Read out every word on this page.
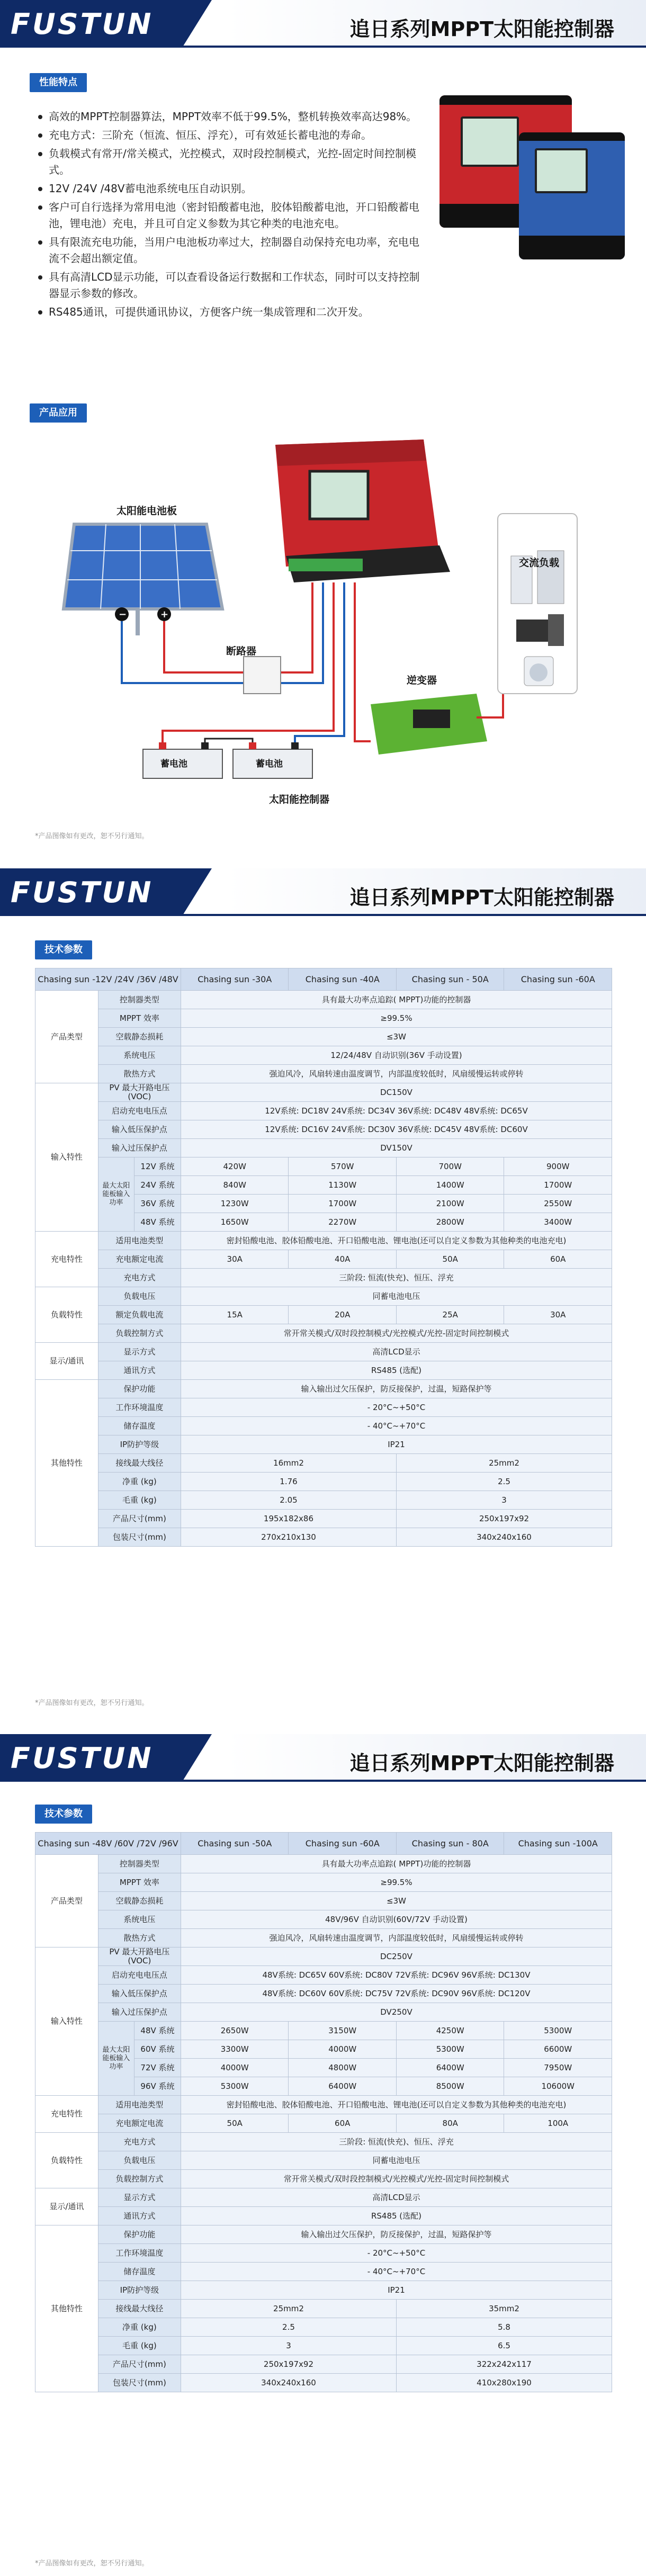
FUSTUN	追日系列MPPT太阳能控制器
性能特点
高效的MPPT控制器算法，MPPT效率不低于99.5%，整机转换效率高达98%。
充电方式：三阶充（恒流、恒压、浮充），可有效延长蓄电池的寿命。
负载模式有常开/常关模式，光控模式，双时段控制模式，光控-固定时间控制模式。
12V /24V /48V蓄电池系统电压自动识别。
客户可自行选择为常用电池（密封铅酸蓄电池，胶体铅酸蓄电池，开口铅酸蓄电池，锂电池）充电，并且可自定义参数为其它种类的电池充电。
具有限流充电功能，当用户电池板功率过大，控制器自动保持充电功率，充电电流不会超出额定值。
具有高清LCD显示功能，可以查看设备运行数据和工作状态，同时可以支持控制器显示参数的修改。
RS485通讯，可提供通讯协议，方便客户统一集成管理和二次开发。
产品应用
−	+
太阳能电池板
断路器
逆变器
交流负载
蓄电池	蓄电池
太阳能控制器
*产品图像如有更改，恕不另行通知。
FUSTUN	追日系列MPPT太阳能控制器
技术参数
Chasing sun -12V /24V /36V /48V			Chasing sun -30A	Chasing sun -40A	Chasing sun - 50A	Chasing sun -60A
产品类型	控制器类型		具有最大功率点追踪( MPPT)功能的控制器			
	MPPT 效率		≥99.5%			
	空载静态损耗		≤3W			
	系统电压		12/24/48V 自动识别(36V 手动设置)			
	散热方式		强迫风冷，风扇转速由温度调节，内部温度较低时，风扇缓慢运转或停转			
输入特性	PV 最大开路电压 (VOC)		DC150V			
	启动充电电压点		12V系统: DC18V 24V系统: DC34V 36V系统: DC48V 48V系统: DC65V			
	输入低压保护点		12V系统: DC16V 24V系统: DC30V 36V系统: DC45V 48V系统: DC60V			
	输入过压保护点		DV150V			
	最大太阳能板输入功率	12V 系统	420W	570W	700W	900W
		24V 系统	840W	1130W	1400W	1700W
		36V 系统	1230W	1700W	2100W	2550W
		48V 系统	1650W	2270W	2800W	3400W
充电特性	适用电池类型		密封铅酸电池、胶体铅酸电池、开口铅酸电池、锂电池(还可以自定义参数为其他种类的电池充电)			
	充电额定电流		30A	40A	50A	60A
	充电方式		三阶段: 恒流(快充)、恒压、浮充			
负载特性	负载电压		同蓄电池电压			
	额定负载电流		15A	20A	25A	30A
	负载控制方式		常开常关模式/双时段控制模式/光控模式/光控-固定时间控制模式			
显示/通讯	显示方式		高清LCD显示			
	通讯方式		RS485 (选配)			
其他特性	保护功能		输入输出过欠压保护，防反接保护，过温，短路保护等			
	工作环境温度		- 20°C~+50°C			
	储存温度		- 40°C~+70°C			
	IP防护等级		IP21			
	接线最大线径		16mm2		25mm2	
	净重 (kg)		1.76		2.5	
	毛重 (kg)		2.05		3	
	产品尺寸(mm)		195x182x86		250x197x92	
	包装尺寸(mm)		270x210x130		340x240x160	
*产品图像如有更改，恕不另行通知。
FUSTUN	追日系列MPPT太阳能控制器
技术参数
Chasing sun -48V /60V /72V /96V			Chasing sun -50A	Chasing sun -60A	Chasing sun - 80A	Chasing sun -100A
产品类型	控制器类型		具有最大功率点追踪( MPPT)功能的控制器			
	MPPT 效率		≥99.5%			
	空载静态损耗		≤3W			
	系统电压		48V/96V 自动识别(60V/72V 手动设置)			
	散热方式		强迫风冷，风扇转速由温度调节，内部温度较低时，风扇缓慢运转或停转			
输入特性	PV 最大开路电压 (VOC)		DC250V			
	启动充电电压点		48V系统: DC65V 60V系统: DC80V 72V系统: DC96V 96V系统: DC130V			
	输入低压保护点		48V系统: DC60V 60V系统: DC75V 72V系统: DC90V 96V系统: DC120V			
	输入过压保护点		DV250V			
	最大太阳能板输入功率	48V 系统	2650W	3150W	4250W	5300W
		60V 系统	3300W	4000W	5300W	6600W
		72V 系统	4000W	4800W	6400W	7950W
		96V 系统	5300W	6400W	8500W	10600W
充电特性	适用电池类型		密封铅酸电池、胶体铅酸电池、开口铅酸电池、锂电池(还可以自定义参数为其他种类的电池充电)			
	充电额定电流		50A	60A	80A	100A
负载特性	充电方式		三阶段: 恒流(快充)、恒压、浮充			
	负载电压		同蓄电池电压			
	负载控制方式		常开常关模式/双时段控制模式/光控模式/光控-固定时间控制模式			
显示/通讯	显示方式		高清LCD显示			
	通讯方式		RS485 (选配)			
其他特性	保护功能		输入输出过欠压保护，防反接保护，过温，短路保护等			
	工作环境温度		- 20°C~+50°C			
	储存温度		- 40°C~+70°C			
	IP防护等级		IP21			
	接线最大线径		25mm2		35mm2	
	净重 (kg)		2.5		5.8	
	毛重 (kg)		3		6.5	
	产品尺寸(mm)		250x197x92		322x242x117	
	包装尺寸(mm)		340x240x160		410x280x190	
*产品图像如有更改，恕不另行通知。
